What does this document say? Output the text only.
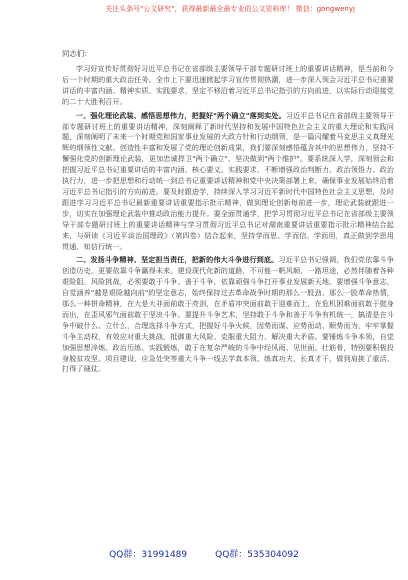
关注头条号"公文研究"，获得最新最全最专业的公文资料库！ 微信：gongwenyj
同志们：

学习好宣传好贯彻好习近平总书记在省部级主要领导干部专题研讨班上的重要讲话精神，是当前和今后一个时期的重大政治任务。全市上下要迅速掀起学习宣传贯彻热潮，进一步深入领会习近平总书记重要讲话的丰富内涵、精神实质、实践要求，坚定不移沿着习近平总书记指引的方向前进，以实际行动迎接党的二十大胜利召开。

一、强化理论武装、感悟思想伟力，把握好"两个确立"落到实处。习近平总书记在省部级主要领导干部专题研讨班上的重要讲话精神，深刻阐释了新时代坚持和发展中国特色社会主义的重大理论和实践问题，深刻阐明了未来一个时期党和国家事业发展的大政方针和行动纲领，是一篇闪耀着马克思主义真理光辉的纲领性文献。创造性丰富和发展了党的理论创新成果，我们要深刻感悟蕴含其中的思想伟力，坚持不懈强化党的创新理论武装，更加忠诚捍卫"两个确立"、坚决做到"两个维护"。要系统深入学，深刻领会和把握习近平总书记重要讲话的丰富内涵、核心要义、实践要求，不断增强政治判断力、政治领悟力、政治执行力，进一步把思想和行动统一到总书记重要讲话精神和党中央决策部署上来，确保事业发展始终沿着习近平总书记指引的方向前进。要及时跟进学，持续深入学习习近平新时代中国特色社会主义思想，及时跟进学习习近平总书记最新重要讲话重要指示批示精神，做到理论创新每前进一步，理论武装就跟进一步，切实在加强理论武装中推动政治能力提升。要全面贯通学，把学习贯彻习近平总书记在省部级主要领导干部专题研讨班上的重要讲话精神与学习贯彻习近平总书记对湖南重要讲话重要指示批示精神结合起来，与研读《习近平谈治国理政》（第四卷）结合起来，坚持学而思、学而信、学而用，真正做到学思用贯通、知信行统一。

二、发扬斗争精神、坚定担当责任，把新的伟大斗争进行到底。习近平总书记强调，我们党依靠斗争创造历史，更要依靠斗争赢得未来。建设现代化新的道路，不可能一帆风顺、一路坦途，必然伴随着各种艰险阻、风险挑战，必须要敢于斗争、善于斗争，依靠顽强斗争打开事业发展新天地。要增强斗争意志，自觉涵养"越是艰险越向前"的坚定意志，始终保持过去革命战争时期的那么一股劲、那么一股革命热情，那么一种拼命精神，在大是大非面前敢于亮剑，在矛盾冲突面前敢于迎难而上，在危机困难面前敢于挺身而出，在歪风邪气面前敢于坚决斗争。要提升斗争艺术，坚持敢于斗争和善于斗争有机统一，搞清是在斗争中破什么、立什么，合理选择斗争方式，把握好斗争火候，因势而谋、应势而动、顺势而为，牢牢掌握斗争主动权，有效应对重大挑战、抵御重大风险、克服重大阻力、解决重大矛盾。要锤炼斗争本领，自觉加强思想淬炼、政治历练、实践锻炼，敢于在复杂严峻的斗争中经风雨、见世面、壮筋骨，特别要积极投身脱贫攻坚、项目建设、应急处突等重大斗争一线去学真本领、练真功夫、长真才干，做到肩挑了重活、打得了硬仗。

QQ群：31991489	QQ群：535304092
